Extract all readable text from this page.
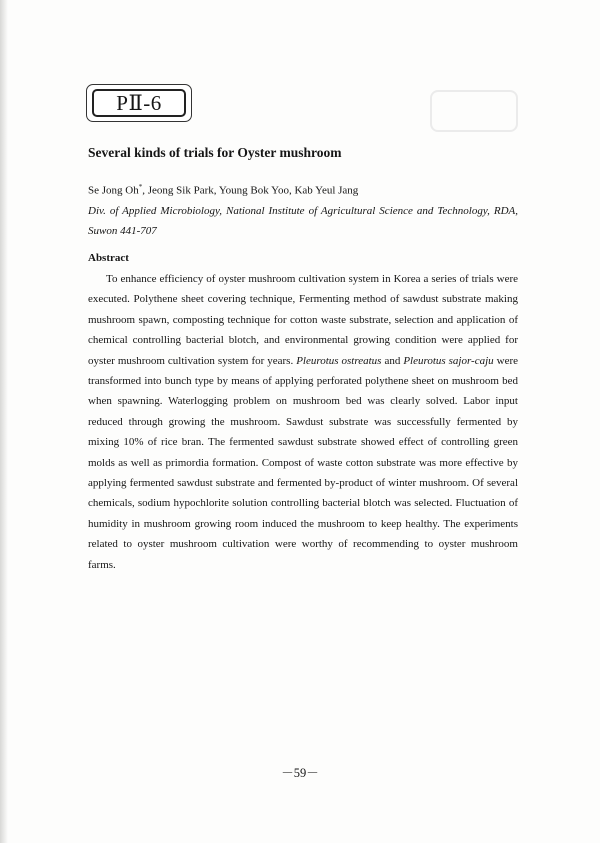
PⅡ-6
Several kinds of trials for Oyster mushroom
Se Jong Oh*, Jeong Sik Park, Young Bok Yoo, Kab Yeul Jang
Div. of Applied Microbiology, National Institute of Agricultural Science and Technology, RDA, Suwon 441-707
Abstract

To enhance efficiency of oyster mushroom cultivation system in Korea a series of trials were executed. Polythene sheet covering technique, Fermenting method of sawdust substrate making mushroom spawn, composting technique for cotton waste substrate, selection and application of chemical controlling bacterial blotch, and environmental growing condition were applied for oyster mushroom cultivation system for years. Pleurotus ostreatus and Pleurotus sajor-caju were transformed into bunch type by means of applying perforated polythene sheet on mushroom bed when spawning. Waterlogging problem on mushroom bed was clearly solved. Labor input reduced through growing the mushroom. Sawdust substrate was successfully fermented by mixing 10% of rice bran. The fermented sawdust substrate showed effect of controlling green molds as well as primordia formation. Compost of waste cotton substrate was more effective by applying fermented sawdust substrate and fermented by-product of winter mushroom. Of several chemicals, sodium hypochlorite solution controlling bacterial blotch was selected. Fluctuation of humidity in mushroom growing room induced the mushroom to keep healthy. The experiments related to oyster mushroom cultivation were worthy of recommending to oyster mushroom farms.

－59－
